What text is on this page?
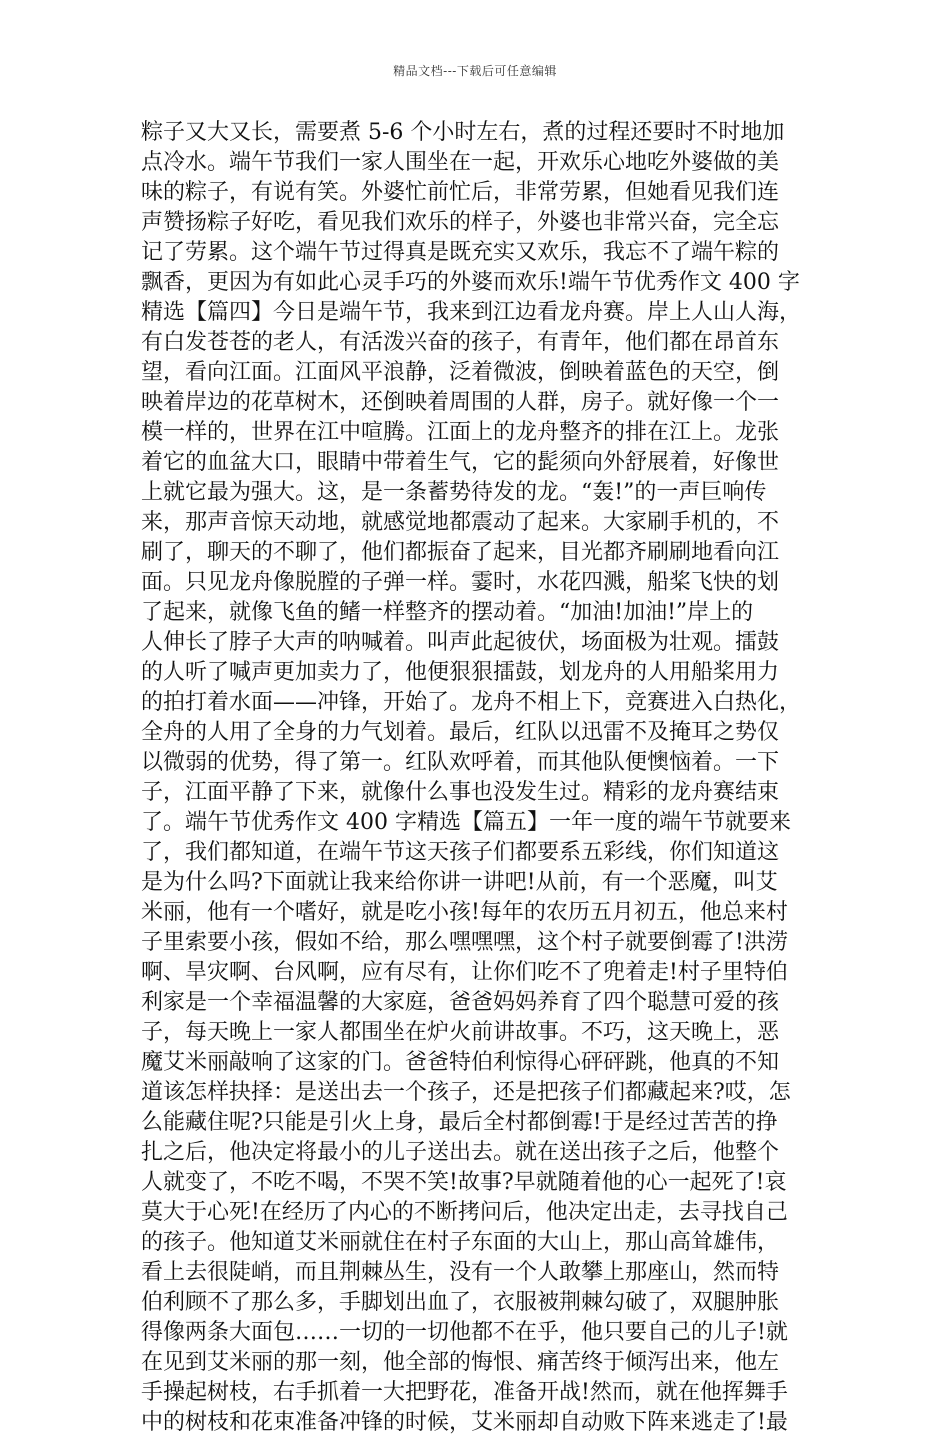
精品文档---下载后可任意编辑
粽子又大又长，需要煮 5-6 个小时左右，煮的过程还要时不时地加
点冷水。端午节我们一家人围坐在一起，开欢乐心地吃外婆做的美
味的粽子，有说有笑。外婆忙前忙后，非常劳累，但她看见我们连
声赞扬粽子好吃，看见我们欢乐的样子，外婆也非常兴奋，完全忘
记了劳累。这个端午节过得真是既充实又欢乐，我忘不了端午粽的
飘香，更因为有如此心灵手巧的外婆而欢乐!端午节优秀作文 400 字
精选【篇四】今日是端午节，我来到江边看龙舟赛。岸上人山人海，
有白发苍苍的老人，有活泼兴奋的孩子，有青年，他们都在昂首东
望，看向江面。江面风平浪静，泛着微波，倒映着蓝色的天空，倒
映着岸边的花草树木，还倒映着周围的人群，房子。就好像一个一
模一样的，世界在江中喧腾。江面上的龙舟整齐的排在江上。龙张
着它的血盆大口，眼睛中带着生气，它的髭须向外舒展着，好像世
上就它最为强大。这，是一条蓄势待发的龙。“轰!”的一声巨响传
来，那声音惊天动地，就感觉地都震动了起来。大家刷手机的，不
刷了，聊天的不聊了，他们都振奋了起来，目光都齐刷刷地看向江
面。只见龙舟像脱膛的子弹一样。霎时，水花四溅，船桨飞快的划
了起来，就像飞鱼的鳍一样整齐的摆动着。“加油!加油!”岸上的
人伸长了脖子大声的呐喊着。叫声此起彼伏，场面极为壮观。擂鼓
的人听了喊声更加卖力了，他便狠狠擂鼓，划龙舟的人用船桨用力
的拍打着水面——冲锋，开始了。龙舟不相上下，竞赛进入白热化，
全舟的人用了全身的力气划着。最后，红队以迅雷不及掩耳之势仅
以微弱的优势，得了第一。红队欢呼着，而其他队便懊恼着。一下
子，江面平静了下来，就像什么事也没发生过。精彩的龙舟赛结束
了。端午节优秀作文 400 字精选【篇五】一年一度的端午节就要来
了，我们都知道，在端午节这天孩子们都要系五彩线，你们知道这
是为什么吗?下面就让我来给你讲一讲吧!从前，有一个恶魔，叫艾
米丽，他有一个嗜好，就是吃小孩!每年的农历五月初五，他总来村
子里索要小孩，假如不给，那么嘿嘿嘿，这个村子就要倒霉了!洪涝
啊、旱灾啊、台风啊，应有尽有，让你们吃不了兜着走!村子里特伯
利家是一个幸福温馨的大家庭，爸爸妈妈养育了四个聪慧可爱的孩
子，每天晚上一家人都围坐在炉火前讲故事。不巧，这天晚上，恶
魔艾米丽敲响了这家的门。爸爸特伯利惊得心砰砰跳，他真的不知
道该怎样抉择：是送出去一个孩子，还是把孩子们都藏起来?哎，怎
么能藏住呢?只能是引火上身，最后全村都倒霉!于是经过苦苦的挣
扎之后，他决定将最小的儿子送出去。就在送出孩子之后，他整个
人就变了，不吃不喝，不哭不笑!故事?早就随着他的心一起死了!哀
莫大于心死!在经历了内心的不断拷问后，他决定出走，去寻找自己
的孩子。他知道艾米丽就住在村子东面的大山上，那山高耸雄伟，
看上去很陡峭，而且荆棘丛生，没有一个人敢攀上那座山，然而特
伯利顾不了那么多，手脚划出血了，衣服被荆棘勾破了，双腿肿胀
得像两条大面包……一切的一切他都不在乎，他只要自己的儿子!就
在见到艾米丽的那一刻，他全部的悔恨、痛苦终于倾泻出来，他左
手操起树枝，右手抓着一大把野花，准备开战!然而，就在他挥舞手
中的树枝和花束准备冲锋的时候，艾米丽却自动败下阵来逃走了!最
